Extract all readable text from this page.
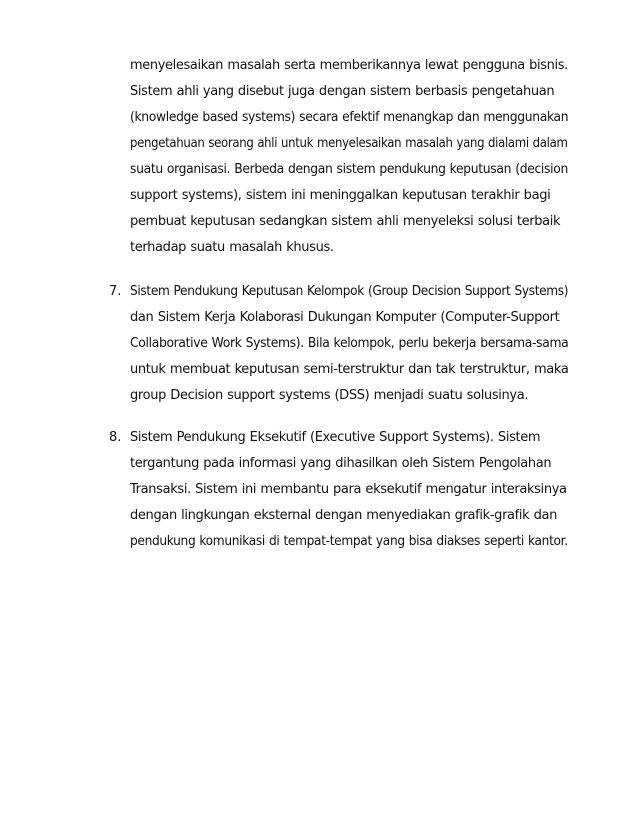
menyelesaikan masalah serta memberikannya lewat pengguna bisnis.
Sistem ahli yang disebut juga dengan sistem berbasis pengetahuan
(knowledge based systems) secara efektif menangkap dan menggunakan
pengetahuan seorang ahli untuk menyelesaikan masalah yang dialami dalam
suatu organisasi. Berbeda dengan sistem pendukung keputusan (decision
support systems), sistem ini meninggalkan keputusan terakhir bagi
pembuat keputusan sedangkan sistem ahli menyeleksi solusi terbaik
terhadap suatu masalah khusus.
7. Sistem Pendukung Keputusan Kelompok (Group Decision Support Systems)
dan Sistem Kerja Kolaborasi Dukungan Komputer (Computer-Support
Collaborative Work Systems). Bila kelompok, perlu bekerja bersama-sama
untuk membuat keputusan semi-terstruktur dan tak terstruktur, maka
group Decision support systems (DSS) menjadi suatu solusinya.
8. Sistem Pendukung Eksekutif (Executive Support Systems). Sistem
tergantung pada informasi yang dihasilkan oleh Sistem Pengolahan
Transaksi. Sistem ini membantu para eksekutif mengatur interaksinya
dengan lingkungan eksternal dengan menyediakan grafik-grafik dan
pendukung komunikasi di tempat-tempat yang bisa diakses seperti kantor.
